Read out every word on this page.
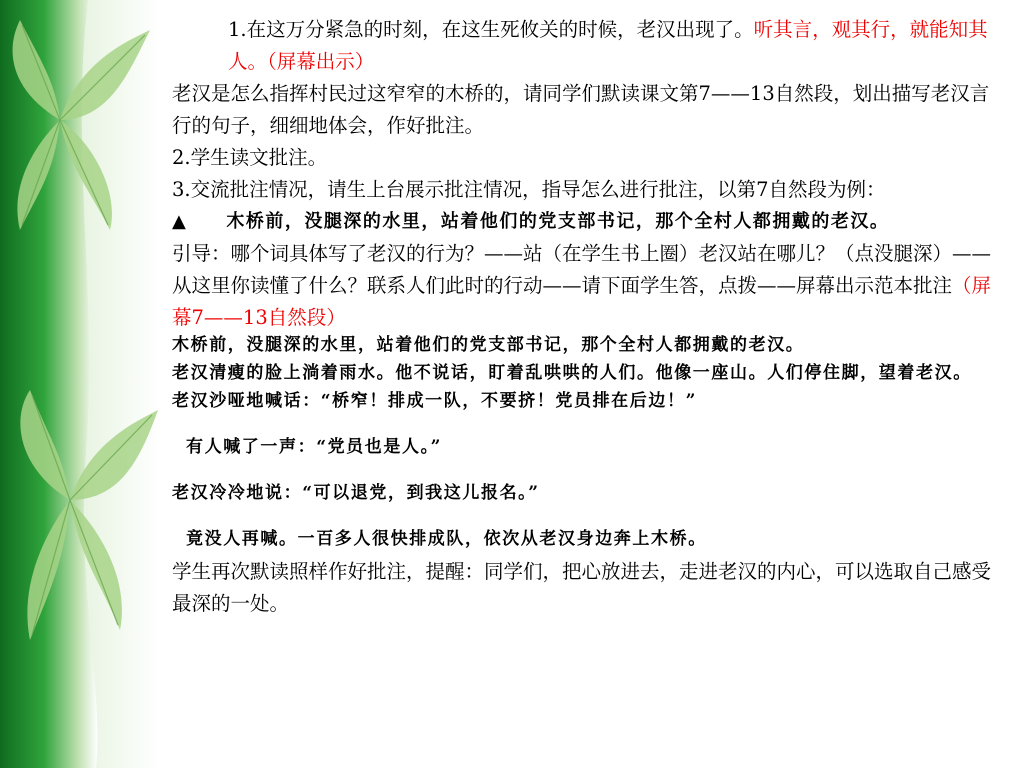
1.在这万分紧急的时刻，在这生死攸关的时候，老汉出现了。听其言，观其行，就能知其人。（屏幕出示）

老汉是怎么指挥村民过这窄窄的木桥的，请同学们默读课文第7——13自然段，划出描写老汉言行的句子，细细地体会，作好批注。

2.学生读文批注。

3.交流批注情况，请生上台展示批注情况，指导怎么进行批注，以第7自然段为例：

▲　　木桥前，没腿深的水里，站着他们的党支部书记，那个全村人都拥戴的老汉。

引导：哪个词具体写了老汉的行为？——站（在学生书上圈）老汉站在哪儿？（点没腿深）——从这里你读懂了什么？联系人们此时的行动——请下面学生答，点拨——屏幕出示范本批注（屏幕7——13自然段）

木桥前，没腿深的水里，站着他们的党支部书记，那个全村人都拥戴的老汉。

老汉清瘦的脸上淌着雨水。他不说话，盯着乱哄哄的人们。他像一座山。人们停住脚，望着老汉。

老汉沙哑地喊话：“桥窄！排成一队，不要挤！党员排在后边！”

有人喊了一声：“党员也是人。”

老汉冷冷地说：“可以退党，到我这儿报名。”

竟没人再喊。一百多人很快排成队，依次从老汉身边奔上木桥。

学生再次默读照样作好批注，提醒：同学们，把心放进去，走进老汉的内心，可以选取自己感受最深的一处。
